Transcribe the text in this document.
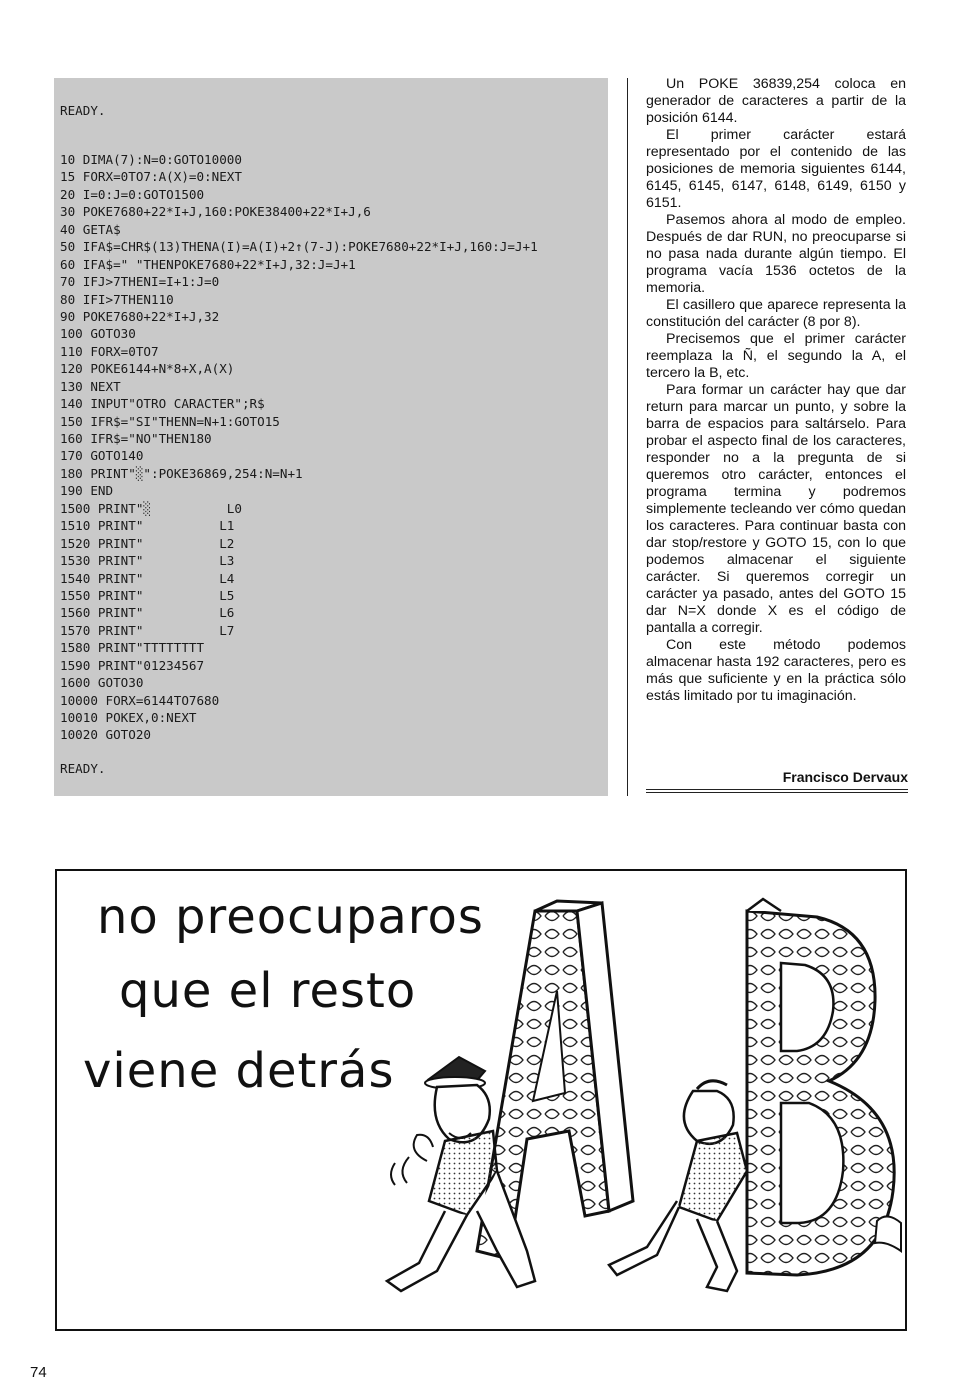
READY.
10 DIMA(7):N=0:GOTO10000
15 FORX=0TO7:A(X)=0:NEXT
20 I=0:J=0:GOTO1500
30 POKE7680+22*I+J,160:POKE38400+22*I+J,6
40 GETA$
50 IFA$=CHR$(13)THENA(I)=A(I)+2↑(7-J):POKE7680+22*I+J,160:J=J+1
60 IFA$=" "THENPOKE7680+22*I+J,32:J=J+1
70 IFJ>7THENI=I+1:J=0
80 IFI>7THEN110
90 POKE7680+22*I+J,32
100 GOTO30
110 FORX=0TO7
120 POKE6144+N*8+X,A(X)
130 NEXT
140 INPUT"OTRO CARACTER";R$
150 IFR$="SI"THENN=N+1:GOTO15
160 IFR$="NO"THEN180
170 GOTO140
180 PRINT"░":POKE36869,254:N=N+1
190 END
1500 PRINT"░          L0
1510 PRINT"          L1
1520 PRINT"          L2
1530 PRINT"          L3
1540 PRINT"          L4
1550 PRINT"          L5
1560 PRINT"          L6
1570 PRINT"          L7
1580 PRINT"TTTTTTTT
1590 PRINT"01234567
1600 GOTO30
10000 FORX=6144TO7680
10010 POKEX,0:NEXT
10020 GOTO20
READY.

Un POKE 36839,254 coloca en generador de caracteres a partir de la posición 6144.

El primer carácter estará representado por el contenido de las posiciones de memoria siguientes 6144, 6145, 6145, 6147, 6148, 6149, 6150 y 6151.

Pasemos ahora al modo de empleo. Después de dar RUN, no preocuparse si no pasa nada durante algún tiempo. El programa vacía 1536 octetos de la memoria.

El casillero que aparece representa la constitución del carácter (8 por 8).

Precisemos que el primer carácter reemplaza la Ñ, el segundo la A, el tercero la B, etc.

Para formar un carácter hay que dar return para marcar un punto, y sobre la barra de espacios para saltárselo. Para probar el aspecto final de los caracteres, responder no a la pregunta de si queremos otro carácter, entonces el programa termina y podremos simplemente tecleando ver cómo quedan los caracteres. Para continuar basta con dar stop/restore y GOTO 15, con lo que podemos almacenar el siguiente carácter. Si queremos corregir un carácter ya pasado, antes del GOTO 15 dar N=X donde X es el código de pantalla a corregir.

Con este método podemos almacenar hasta 192 caracteres, pero es más que suficiente y en la práctica sólo estás limitado por tu imaginación.

Francisco Dervaux
no preocuparos
que el resto
viene detrás
74
